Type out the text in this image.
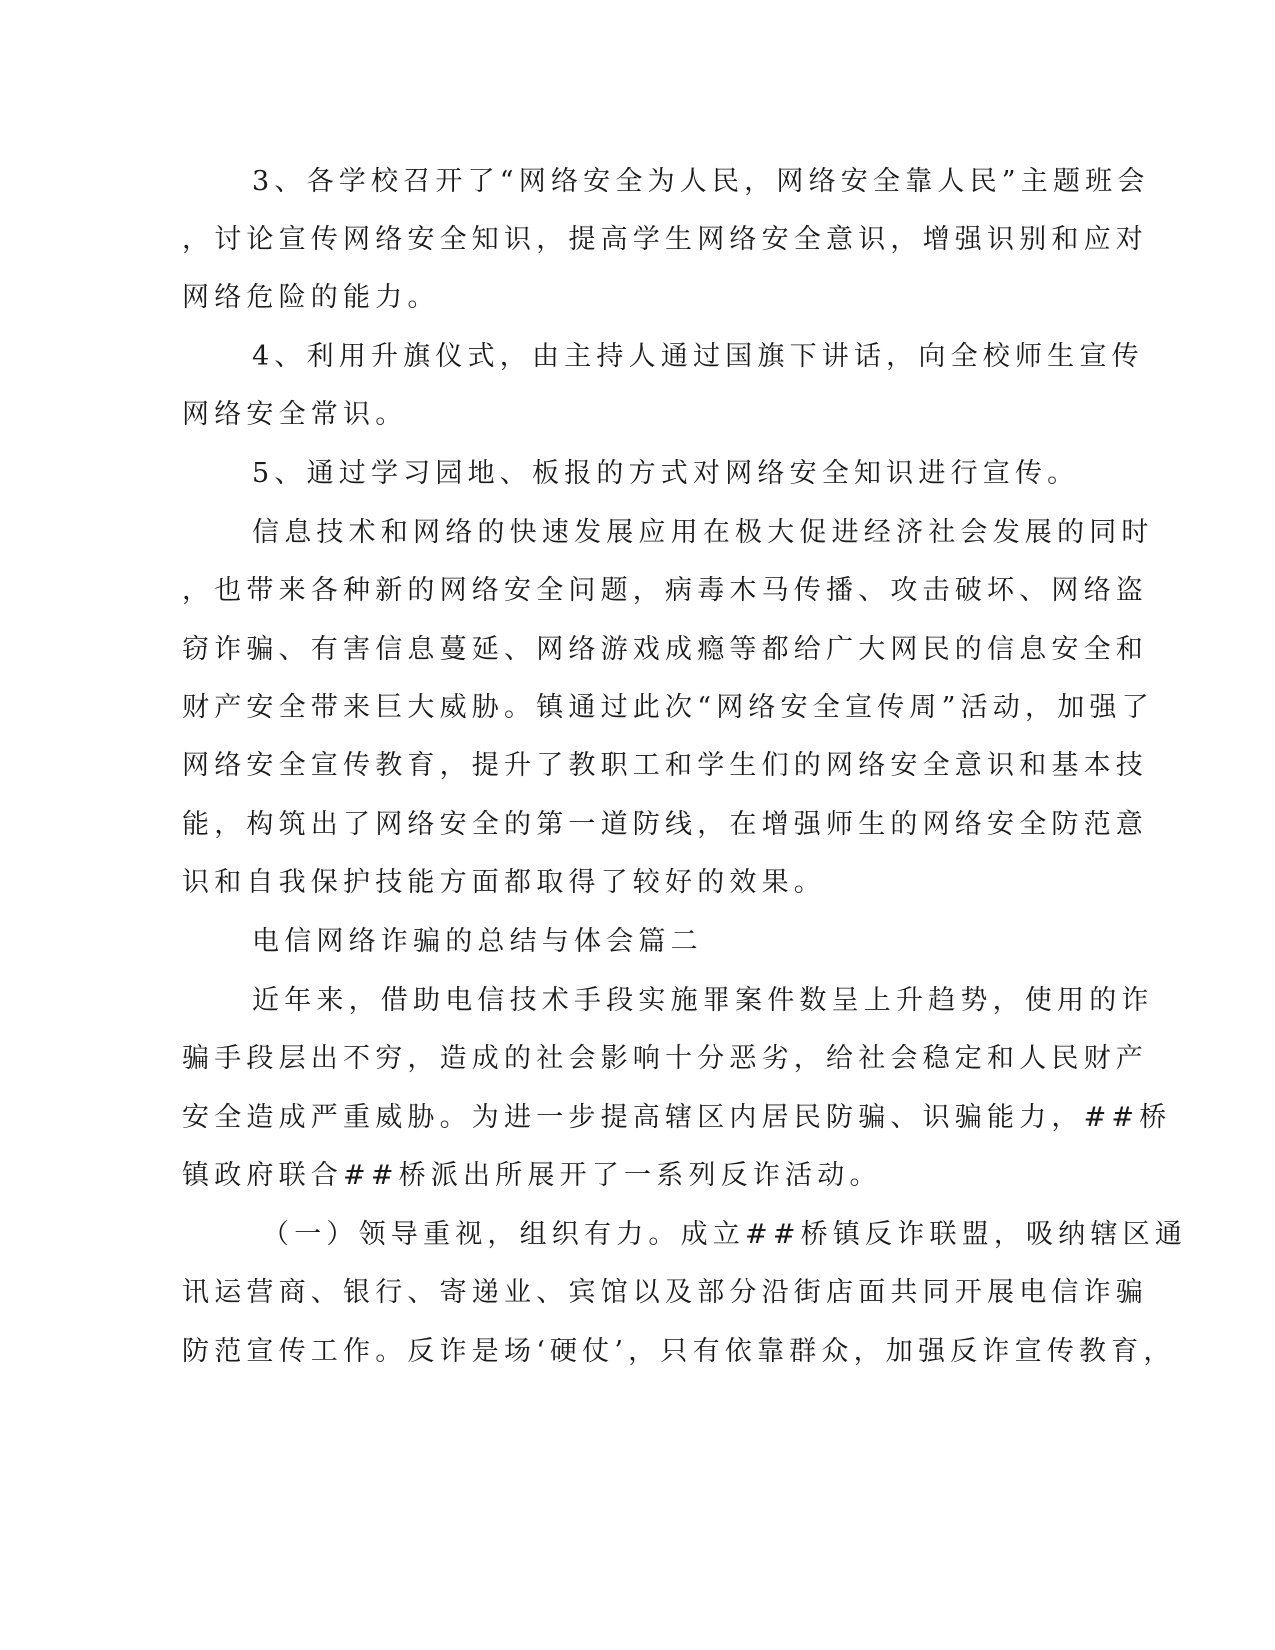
3、各学校召开了“网络安全为人民，网络安全靠人民”主题班会
，讨论宣传网络安全知识，提高学生网络安全意识，增强识别和应对
网络危险的能力。
4、利用升旗仪式，由主持人通过国旗下讲话，向全校师生宣传
网络安全常识。
5、通过学习园地、板报的方式对网络安全知识进行宣传。
信息技术和网络的快速发展应用在极大促进经济社会发展的同时
，也带来各种新的网络安全问题，病毒木马传播、攻击破坏、网络盗
窃诈骗、有害信息蔓延、网络游戏成瘾等都给广大网民的信息安全和
财产安全带来巨大威胁。镇通过此次“网络安全宣传周”活动，加强了
网络安全宣传教育，提升了教职工和学生们的网络安全意识和基本技
能，构筑出了网络安全的第一道防线，在增强师生的网络安全防范意
识和自我保护技能方面都取得了较好的效果。
电信网络诈骗的总结与体会篇二
近年来，借助电信技术手段实施罪案件数呈上升趋势，使用的诈
骗手段层出不穷，造成的社会影响十分恶劣，给社会稳定和人民财产
安全造成严重威胁。为进一步提高辖区内居民防骗、识骗能力，##桥
镇政府联合##桥派出所展开了一系列反诈活动。
（一）领导重视，组织有力。成立##桥镇反诈联盟，吸纳辖区通
讯运营商、银行、寄递业、宾馆以及部分沿街店面共同开展电信诈骗
防范宣传工作。反诈是场‘硬仗’，只有依靠群众，加强反诈宣传教育，
